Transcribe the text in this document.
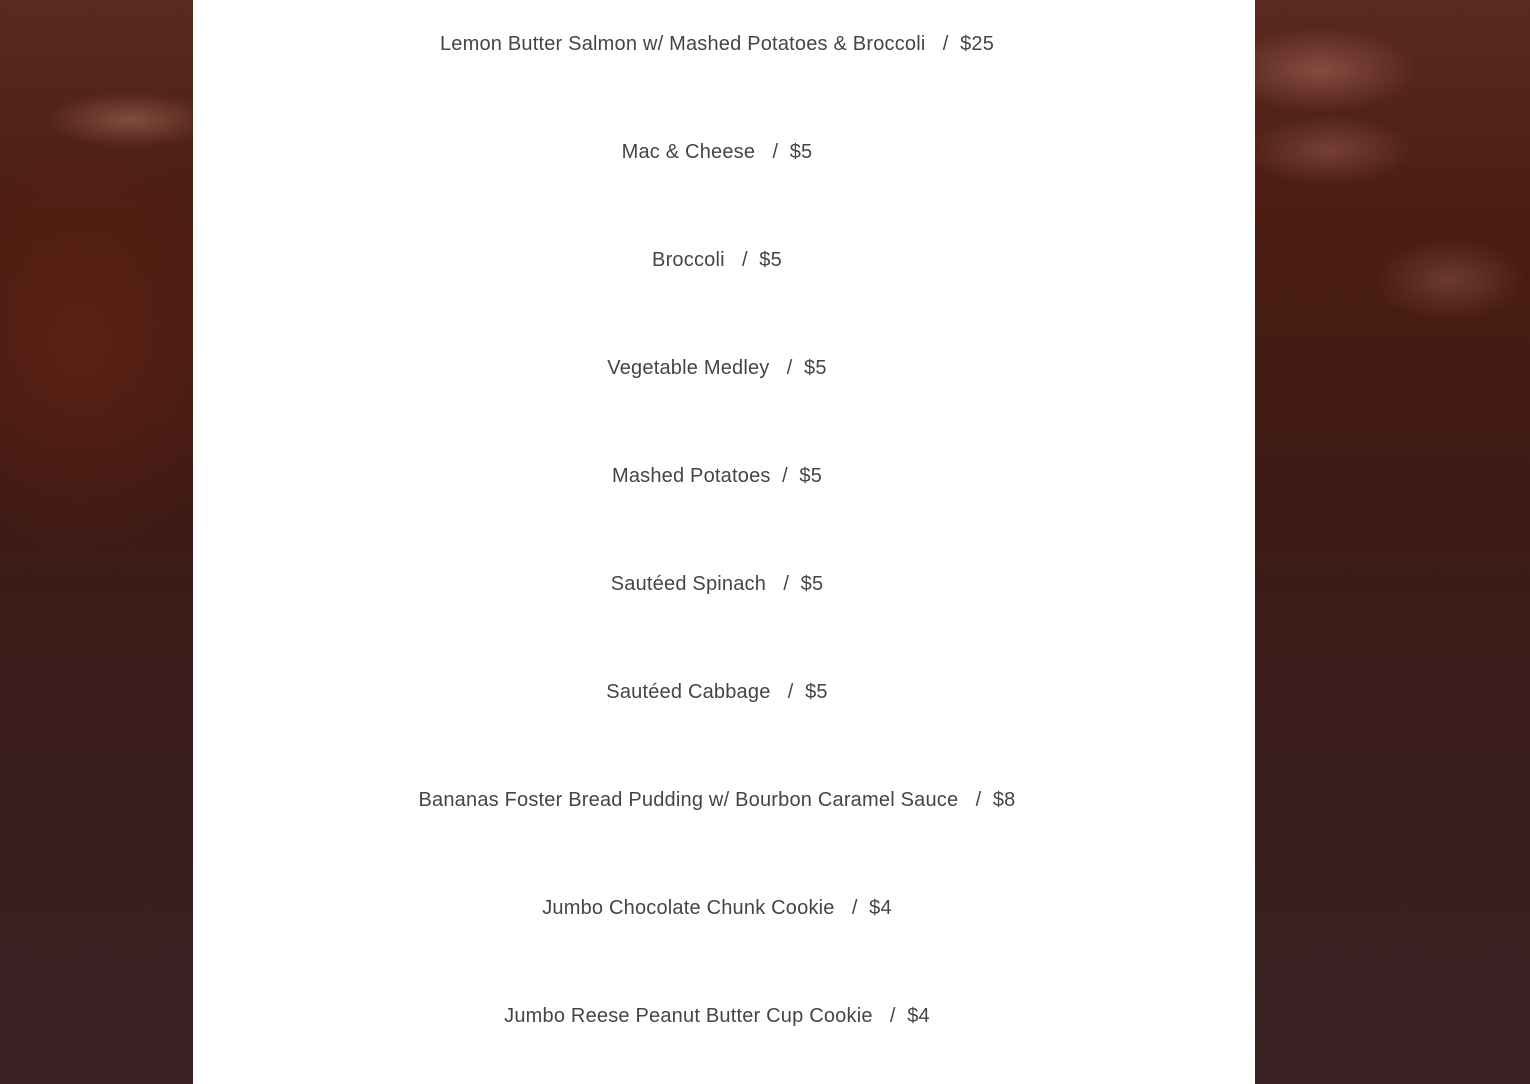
Lemon Butter Salmon w/ Mashed Potatoes & Broccoli   /  $25
Mac & Cheese   /  $5
Broccoli   /  $5
Vegetable Medley   /  $5
Mashed Potatoes  /  $5
Sautéed Spinach   /  $5
Sautéed Cabbage   /  $5
Bananas Foster Bread Pudding w/ Bourbon Caramel Sauce   /  $8
Jumbo Chocolate Chunk Cookie   /  $4
Jumbo Reese Peanut Butter Cup Cookie   /  $4
